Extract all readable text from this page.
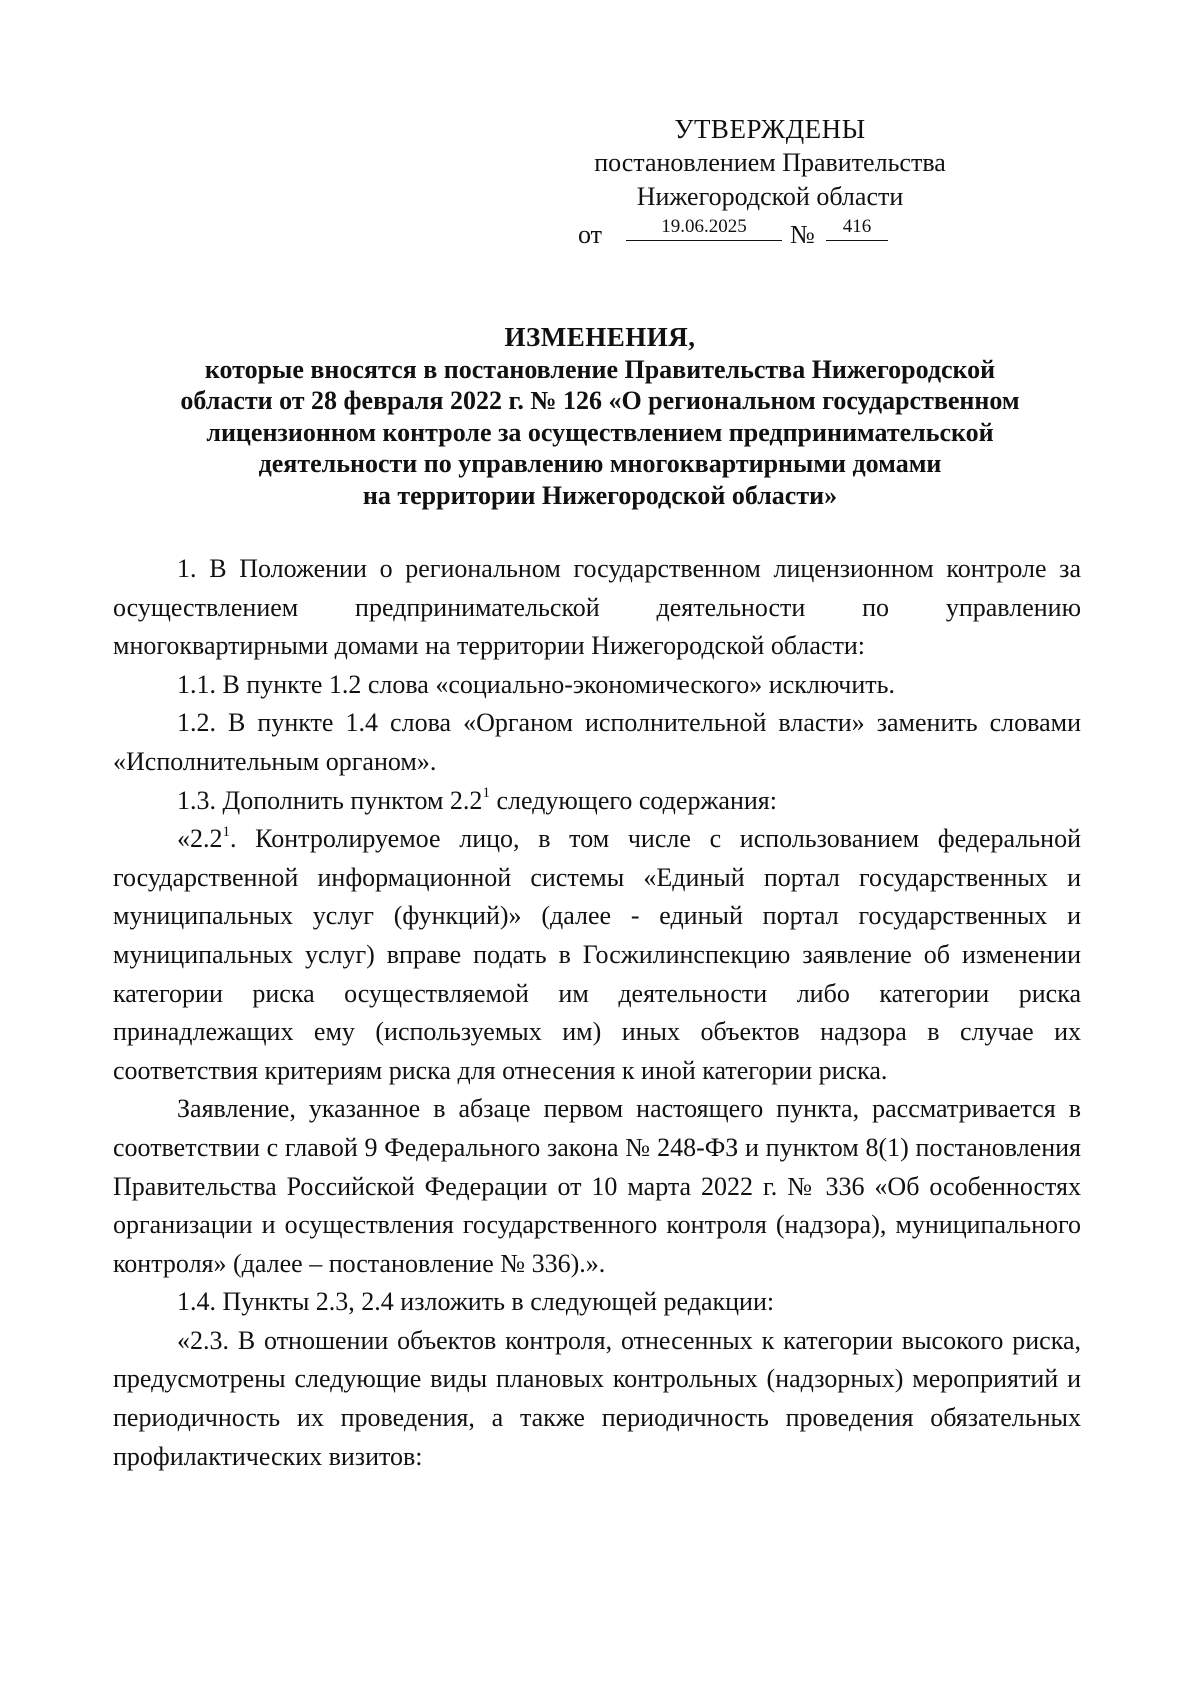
УТВЕРЖДЕНЫ
постановлением Правительства
Нижегородской области
от	19.06.2025	№	416
ИЗМЕНЕНИЯ,
которые вносятся в постановление Правительства Нижегородской
области от 28 февраля 2022 г. № 126 «О региональном государственном
лицензионном контроле за осуществлением предпринимательской
деятельности по управлению многоквартирными домами
на территории Нижегородской области»

1. В Положении о региональном государственном лицензионном контроле за осуществлением предпринимательской деятельности по управлению многоквартирными домами на территории Нижегородской области:

1.1. В пункте 1.2 слова «социально-экономического» исключить.

1.2. В пункте 1.4 слова «Органом исполнительной власти» заменить словами «Исполнительным органом».

1.3. Дополнить пунктом $2.2^1$ следующего содержания:

«$2.2^1$. Контролируемое лицо, в том числе с использованием федеральной государственной информационной системы «Единый портал государственных и муниципальных услуг (функций)» (далее - единый портал государственных и муниципальных услуг) вправе подать в Госжилинспекцию заявление об изменении категории риска осуществляемой им деятельности либо категории риска принадлежащих ему (используемых им) иных объектов надзора в случае их соответствия критериям риска для отнесения к иной категории риска.

Заявление, указанное в абзаце первом настоящего пункта, рассматривается в соответствии с главой 9 Федерального закона № 248-ФЗ и пунктом 8(1) постановления Правительства Российской Федерации от 10 марта 2022 г. № 336 «Об особенностях организации и осуществления государственного контроля (надзора), муниципального контроля» (далее – постановление № 336).».

1.4. Пункты 2.3, 2.4 изложить в следующей редакции:

«2.3. В отношении объектов контроля, отнесенных к категории высокого риска, предусмотрены следующие виды плановых контрольных (надзорных) мероприятий и периодичность их проведения, а также периодичность проведения обязательных профилактических визитов:
